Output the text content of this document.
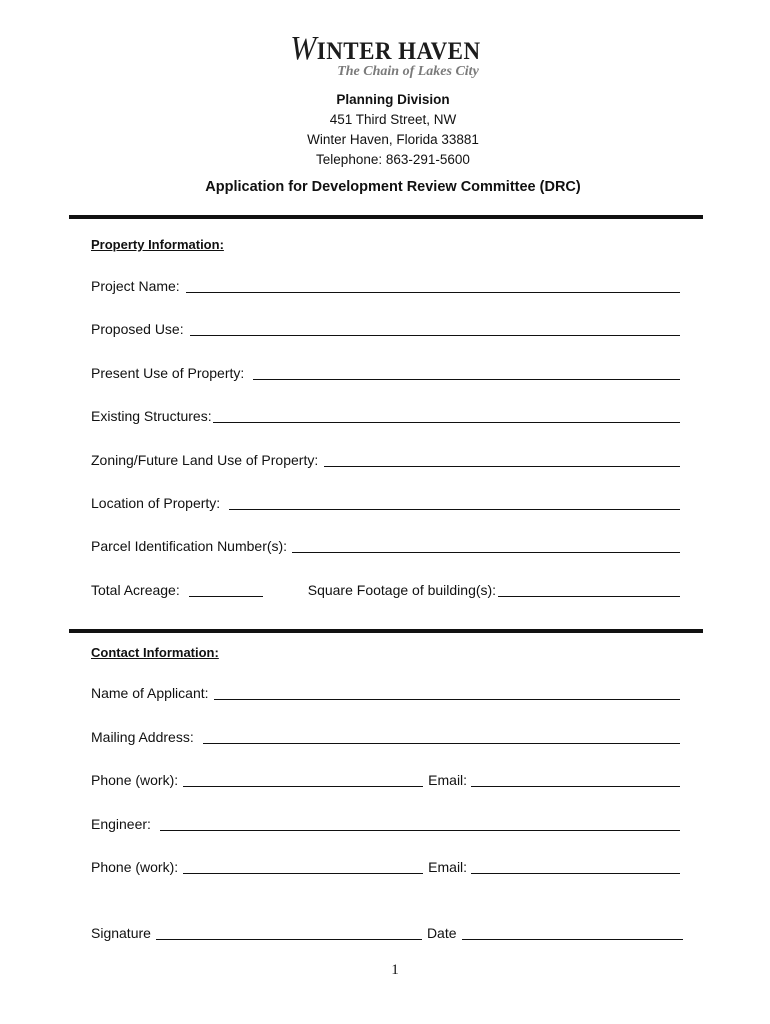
WINTER HAVEN
The Chain of Lakes City
Planning Division
451 Third Street, NW
Winter Haven, Florida 33881
Telephone: 863-291-5600
Application for Development Review Committee (DRC)
Property Information:
Project Name:
Proposed Use:
Present Use of Property:
Existing Structures:
Zoning/Future Land Use of Property:
Location of Property:
Parcel Identification Number(s):
Total Acreage:	Square Footage of building(s):
Contact Information:
Name of Applicant:
Mailing Address:
Phone (work):	Email:
Engineer:
Phone (work):	Email:
Signature	Date
1
